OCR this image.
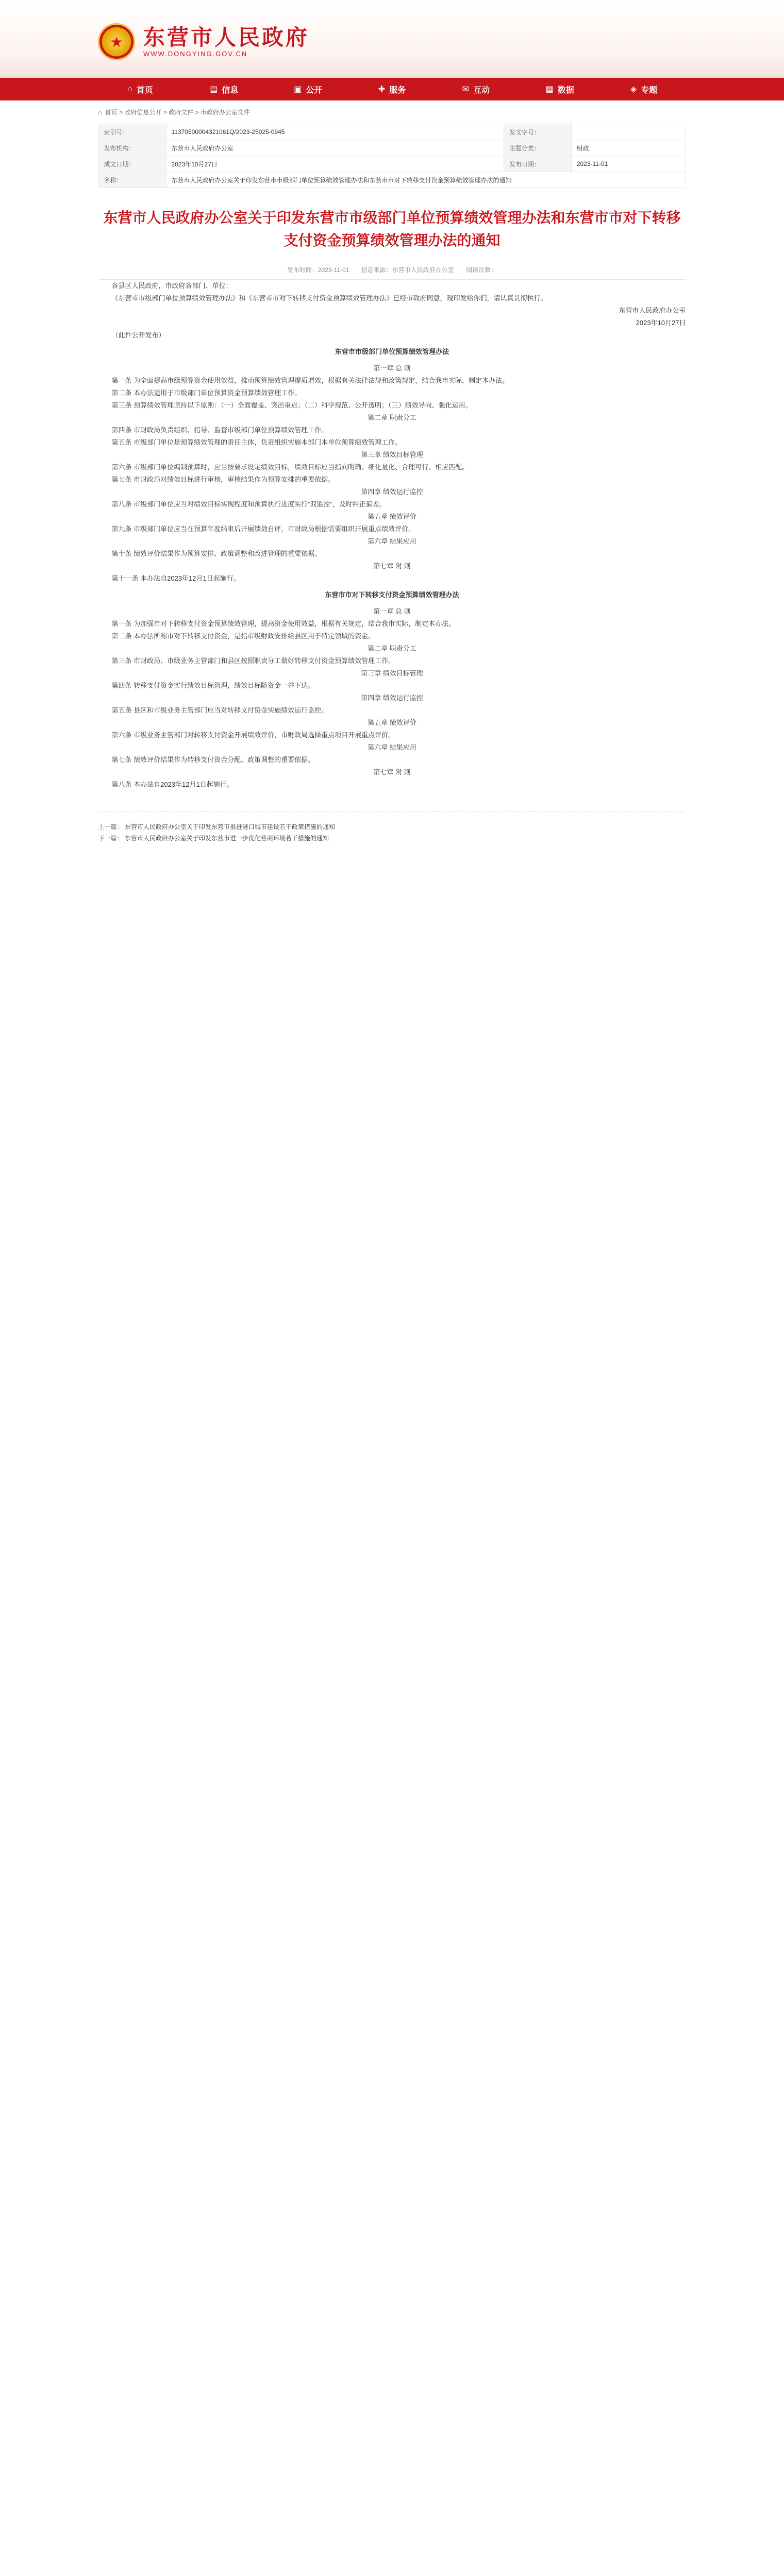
★
东营市人民政府
WWW.DONGYING.GOV.CN
⌂ 首页	▤ 信息	▣ 公开	✚ 服务	✉ 互动	▦ 数据	◈ 专题
⌂ 首页 > 政府信息公开 > 政府文件 > 市政府办公室文件
索引号：	11370500004321061Q/2023-25025-0945	发文字号：	
发布机构：	东营市人民政府办公室	主题分类：	财政
成文日期：	2023年10月27日	发布日期：	2023-11-01
名称：	东营市人民政府办公室关于印发东营市市级部门单位预算绩效管理办法和东营市市对下转移支付资金预算绩效管理办法的通知		
东营市人民政府办公室关于印发东营市市级部门单位预算绩效管理办法和东营市市对下转移支付资金预算绩效管理办法的通知
发布时间：2023-11-01 信息来源：东营市人民政府办公室 阅读次数：

各县区人民政府，市政府各部门、单位：

《东营市市级部门单位预算绩效管理办法》和《东营市市对下转移支付资金预算绩效管理办法》已经市政府同意，现印发给你们，请认真贯彻执行。

东营市人民政府办公室

2023年10月27日

（此件公开发布）

东营市市级部门单位预算绩效管理办法

第一章 总 则

第一条 为全面提高市级预算资金使用效益，推动预算绩效管理提质增效，根据有关法律法规和政策规定，结合我市实际，制定本办法。

第二条 本办法适用于市级部门单位预算资金预算绩效管理工作。

第三条 预算绩效管理坚持以下原则：（一）全面覆盖、突出重点；（二）科学规范、公开透明；（三）绩效导向、强化运用。

第二章 职责分工

第四条 市财政局负责组织、指导、监督市级部门单位预算绩效管理工作。

第五条 市级部门单位是预算绩效管理的责任主体，负责组织实施本部门本单位预算绩效管理工作。

第三章 绩效目标管理

第六条 市级部门单位编制预算时，应当按要求设定绩效目标，绩效目标应当指向明确、细化量化、合理可行、相应匹配。

第七条 市财政局对绩效目标进行审核，审核结果作为预算安排的重要依据。

第四章 绩效运行监控

第八条 市级部门单位应当对绩效目标实现程度和预算执行进度实行“双监控”，及时纠正偏差。

第五章 绩效评价

第九条 市级部门单位应当在预算年度结束后开展绩效自评，市财政局根据需要组织开展重点绩效评价。

第六章 结果应用

第十条 绩效评价结果作为预算安排、政策调整和改进管理的重要依据。

第七章 附 则

第十一条 本办法自2023年12月1日起施行。

东营市市对下转移支付资金预算绩效管理办法

第一章 总 则

第一条 为加强市对下转移支付资金预算绩效管理，提高资金使用效益，根据有关规定，结合我市实际，制定本办法。

第二条 本办法所称市对下转移支付资金，是指市级财政安排给县区用于特定领域的资金。

第二章 职责分工

第三条 市财政局、市级业务主管部门和县区按照职责分工做好转移支付资金预算绩效管理工作。

第三章 绩效目标管理

第四条 转移支付资金实行绩效目标管理，绩效目标随资金一并下达。

第四章 绩效运行监控

第五条 县区和市级业务主管部门应当对转移支付资金实施绩效运行监控。

第五章 绩效评价

第六条 市级业务主管部门对转移支付资金开展绩效评价，市财政局选择重点项目开展重点评价。

第六章 结果应用

第七条 绩效评价结果作为转移支付资金分配、政策调整的重要依据。

第七章 附 则

第八条 本办法自2023年12月1日起施行。

上一篇： 东营市人民政府办公室关于印发东营市推进港口城市建设若干政策措施的通知
下一篇： 东营市人民政府办公室关于印发东营市进一步优化营商环境若干措施的通知
